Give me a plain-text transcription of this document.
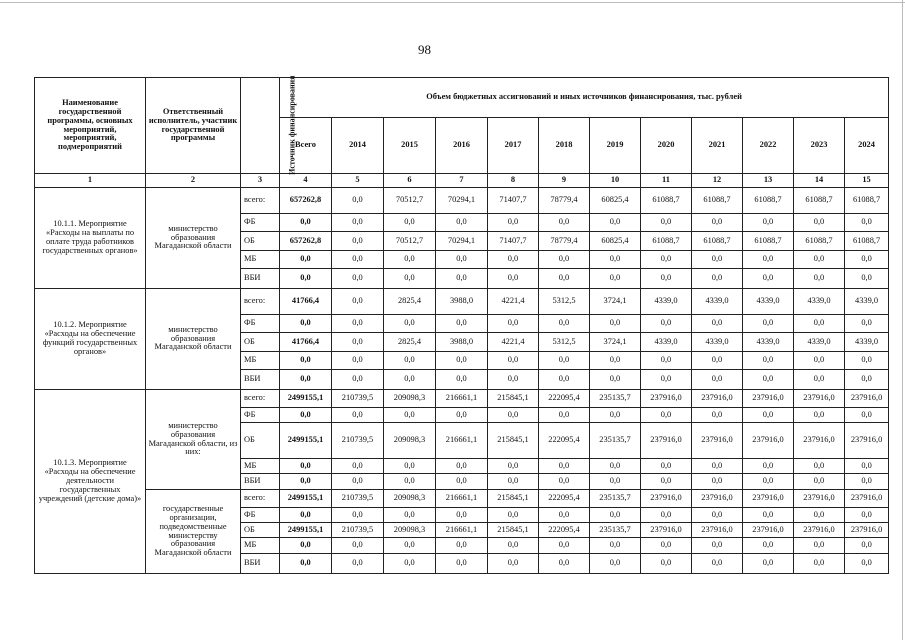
98
Наименование государственной программы, основных мероприятий, мероприятий, подмероприятий	Ответственный исполнитель, участник государственной программы	Источник финансирования	Объем бюджетных ассигнований и иных источников финансирования, тыс. рублей											
			Всего	2014	2015	2016	2017	2018	2019	2020	2021	2022	2023	2024
1	2	3	4	5	6	7	8	9	10	11	12	13	14	15
10.1.1. Мероприятие «Расходы на выплаты по оплате труда работников государственных органов»	министерство образования Магаданской области	всего:	657262,8	0,0	70512,7	70294,1	71407,7	78779,4	60825,4	61088,7	61088,7	61088,7	61088,7	61088,7
		ФБ	0,0	0,0	0,0	0,0	0,0	0,0	0,0	0,0	0,0	0,0	0,0	0,0
		ОБ	657262,8	0,0	70512,7	70294,1	71407,7	78779,4	60825,4	61088,7	61088,7	61088,7	61088,7	61088,7
		МБ	0,0	0,0	0,0	0,0	0,0	0,0	0,0	0,0	0,0	0,0	0,0	0,0
		ВБИ	0,0	0,0	0,0	0,0	0,0	0,0	0,0	0,0	0,0	0,0	0,0	0,0
10.1.2. Мероприятие «Расходы на обеспечение функций государственных органов»	министерство образования Магаданской области	всего:	41766,4	0,0	2825,4	3988,0	4221,4	5312,5	3724,1	4339,0	4339,0	4339,0	4339,0	4339,0
		ФБ	0,0	0,0	0,0	0,0	0,0	0,0	0,0	0,0	0,0	0,0	0,0	0,0
		ОБ	41766,4	0,0	2825,4	3988,0	4221,4	5312,5	3724,1	4339,0	4339,0	4339,0	4339,0	4339,0
		МБ	0,0	0,0	0,0	0,0	0,0	0,0	0,0	0,0	0,0	0,0	0,0	0,0
		ВБИ	0,0	0,0	0,0	0,0	0,0	0,0	0,0	0,0	0,0	0,0	0,0	0,0
10.1.3. Мероприятие «Расходы на обеспечение деятельности государственных учреждений (детские дома)»	министерство образования Магаданской области, из них:	всего:	2499155,1	210739,5	209098,3	216661,1	215845,1	222095,4	235135,7	237916,0	237916,0	237916,0	237916,0	237916,0
		ФБ	0,0	0,0	0,0	0,0	0,0	0,0	0,0	0,0	0,0	0,0	0,0	0,0
		ОБ	2499155,1	210739,5	209098,3	216661,1	215845,1	222095,4	235135,7	237916,0	237916,0	237916,0	237916,0	237916,0
		МБ	0,0	0,0	0,0	0,0	0,0	0,0	0,0	0,0	0,0	0,0	0,0	0,0
		ВБИ	0,0	0,0	0,0	0,0	0,0	0,0	0,0	0,0	0,0	0,0	0,0	0,0
	государственные организации, подведомственные министерству образования Магаданской области	всего:	2499155,1	210739,5	209098,3	216661,1	215845,1	222095,4	235135,7	237916,0	237916,0	237916,0	237916,0	237916,0
		ФБ	0,0	0,0	0,0	0,0	0,0	0,0	0,0	0,0	0,0	0,0	0,0	0,0
		ОБ	2499155,1	210739,5	209098,3	216661,1	215845,1	222095,4	235135,7	237916,0	237916,0	237916,0	237916,0	237916,0
		МБ	0,0	0,0	0,0	0,0	0,0	0,0	0,0	0,0	0,0	0,0	0,0	0,0
		ВБИ	0,0	0,0	0,0	0,0	0,0	0,0	0,0	0,0	0,0	0,0	0,0	0,0
